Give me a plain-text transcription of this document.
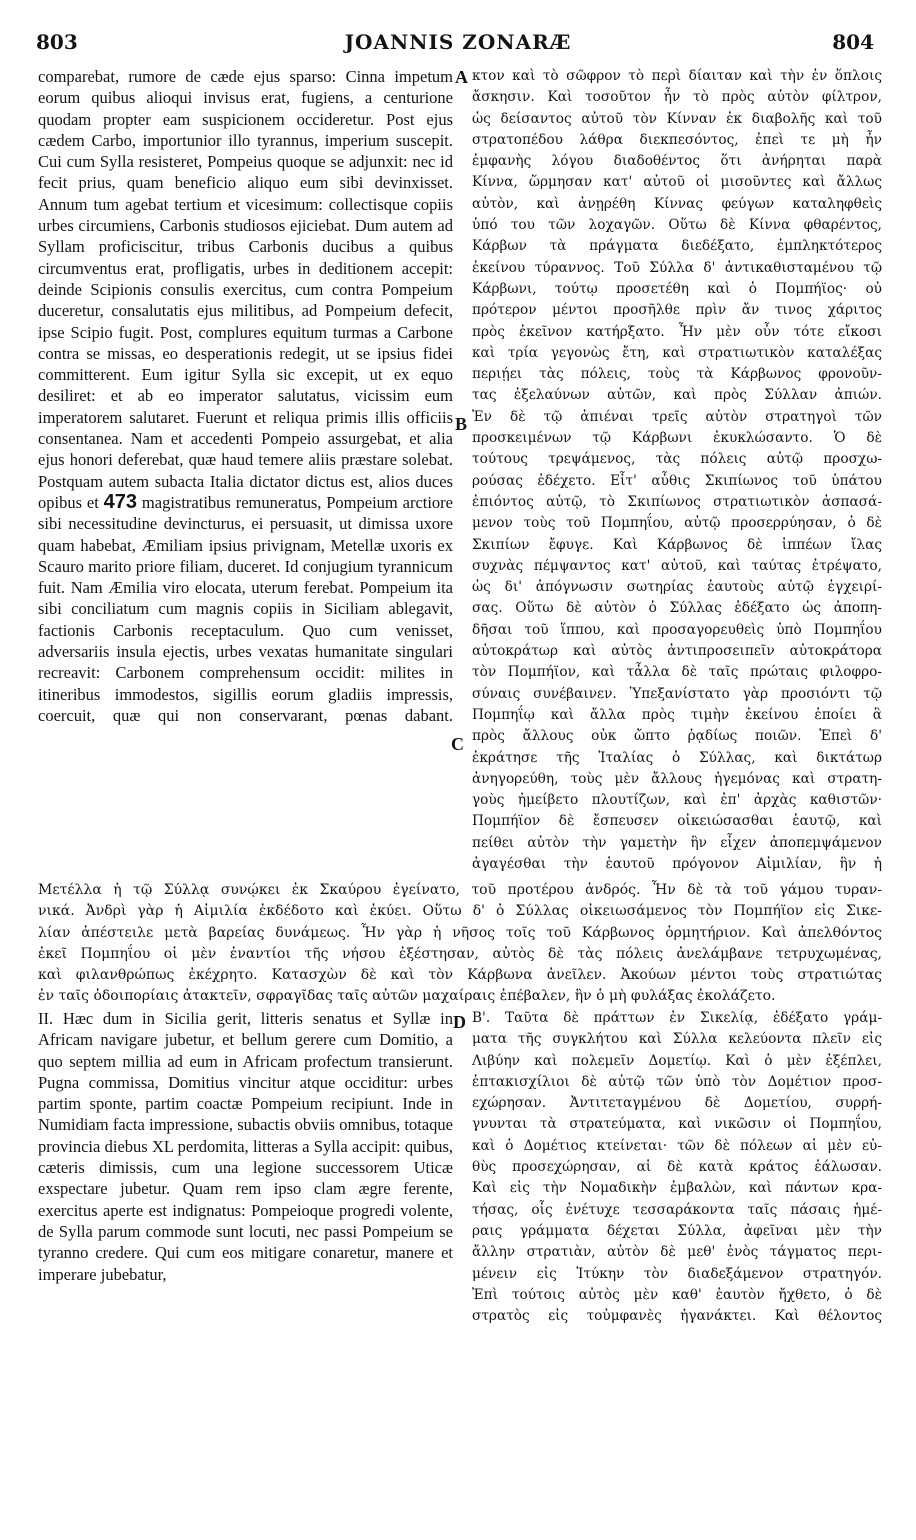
803	JOANNIS ZONARÆ	804
A
B
C
D

comparebat, rumore de cæde ejus sparso: Cinna impetum eorum quibus alioqui invisus erat, fugiens, a centurione quodam propter eam suspicionem occideretur. Post ejus cædem Carbo, importunior illo tyrannus, imperium suscepit. Cui cum Sylla resisteret, Pompeius quoque se adjunxit: nec id fecit prius, quam beneficio aliquo eum sibi devinxisset. Annum tum agebat tertium et vicesimum: collectisque copiis urbes circumiens, Carbonis studiosos ejiciebat. Dum autem ad Syllam proficiscitur, tribus Carbonis ducibus a quibus circumventus erat, profligatis, urbes in deditionem accepit: deinde Scipionis consulis exercitus, cum contra Pompeium duceretur, consalutatis ejus militibus, ad Pompeium defecit, ipse Scipio fugit. Post, complures equitum turmas a Carbone contra se missas, eo desperationis redegit, ut se ipsius fidei committerent. Eum igitur Sylla sic excepit, ut ex equo desiliret: et ab eo imperator salutatus, vicissim eum imperatorem salutaret. Fuerunt et reliqua primis illis officiis consentanea. Nam et accedenti Pompeio assurgebat, et alia ejus honori deferebat, quæ haud temere aliis præstare solebat. Postquam autem subacta Italia dictator dictus est, alios duces opibus et 473 magistratibus remuneratus, Pompeium arctiore sibi necessitudine devincturus, ei persuasit, ut dimissa uxore quam habebat, Æmiliam ipsius privignam, Metellæ uxoris ex Scauro marito priore filiam, duceret. Id conjugium tyrannicum fuit. Nam Æmilia viro elocata, uterum ferebat. Pompeium ita sibi conciliatum cum magnis copiis in Siciliam ablegavit, factionis Carbonis receptaculum. Quo cum venisset, adversariis insula ejectis, urbes vexatas humanitate singulari recreavit: Carbonem comprehensum occidit: milites in itineribus immodestos, sigillis eorum gladiis impressis, coercuit, quæ qui non conservarant, pœnas dabant.

κτον καὶ τὸ σῶφρον τὸ περὶ δίαιταν καὶ τὴν ἐν ὅπλοις
ἄσκησιν. Καὶ τοσοῦτον ἦν τὸ πρὸς αὐτὸν φίλτρον,
ὡς δείσαντος αὐτοῦ τὸν Κίνναν ἐκ διαβολῆς καὶ τοῦ
στρατοπέδου λάθρα διεκπεσόντος, ἐπεὶ τε μὴ ἦν
ἐμφανὴς λόγου διαδοθέντος ὅτι ἀνήρηται παρὰ
Κίννα, ὥρμησαν κατ' αὐτοῦ οἱ μισοῦντες καὶ ἄλλως
αὐτὸν, καὶ ἀνῃρέθη Κίννας φεύγων καταληφθεὶς
ὑπό του τῶν λοχαγῶν. Οὕτω δὲ Κίννα φθαρέντος,
Κάρβων τὰ πράγματα διεδέξατο, ἐμπληκτότερος
ἐκείνου τύραννος. Τοῦ Σύλλα δ' ἀντικαθισταμένου τῷ
Κάρβωνι, τούτῳ προσετέθη καὶ ὁ Πομπήϊος· οὐ
πρότερον μέντοι προσῆλθε πρὶν ἄν τινος χάριτος
πρὸς ἐκεῖνον κατήρξατο. Ἦν μὲν οὖν τότε εἴκοσι
καὶ τρία γεγονὼς ἔτη, καὶ στρατιωτικὸν καταλέξας
περιῄει τὰς πόλεις, τοὺς τὰ Κάρβωνος φρονοῦν-
τας ἐξελαύνων αὐτῶν, καὶ πρὸς Σύλλαν ἀπιών.
Ἐν δὲ τῷ ἀπιέναι τρεῖς αὐτὸν στρατηγοὶ τῶν
προσκειμένων τῷ Κάρβωνι ἐκυκλώσαντο. Ὁ δὲ
τούτους τρεψάμενος, τὰς πόλεις αὐτῷ προσχω-
ρούσας ἐδέχετο. Εἶτ' αὖθις Σκιπίωνος τοῦ ὑπάτου
ἐπιόντος αὐτῷ, τὸ Σκιπίωνος στρατιωτικὸν ἀσπασά-
μενον τοὺς τοῦ Πομπηΐου, αὐτῷ προσερρύησαν, ὁ δὲ
Σκιπίων ἔφυγε. Καὶ Κάρβωνος δὲ ἱππέων ἴλας
συχνὰς πέμψαντος κατ' αὐτοῦ, καὶ ταύτας ἐτρέψατο,
ὡς δι' ἀπόγνωσιν σωτηρίας ἑαυτοὺς αὐτῷ ἐγχειρί-
σας. Οὕτω δὲ αὐτὸν ὁ Σύλλας ἐδέξατο ὡς ἀποπη-
δῆσαι τοῦ ἵππου, καὶ προσαγορευθεὶς ὑπὸ Πομπηΐου
αὐτοκράτωρ καὶ αὐτὸς ἀντιπροσειπεῖν αὐτοκράτορα
τὸν Πομπήϊον, καὶ τἆλλα δὲ ταῖς πρώταις φιλοφρο-
σύναις συνέβαινεν. Ὑπεξανίστατο γὰρ προσιόντι τῷ
Πομπηΐῳ καὶ ἄλλα πρὸς τιμὴν ἐκείνου ἐποίει ἃ
πρὸς ἄλλους οὐκ ὤπτο ῥᾳδίως ποιῶν. Ἐπεὶ δ'
ἐκράτησε τῆς Ἰταλίας ὁ Σύλλας, καὶ δικτάτωρ
ἀνηγορεύθη, τοὺς μὲν ἄλλους ἡγεμόνας καὶ στρατη-
γοὺς ἠμείβετο πλουτίζων, καὶ ἐπ' ἀρχὰς καθιστῶν·
Πομπήϊον δὲ ἔσπευσεν οἰκειώσασθαι ἑαυτῷ, καὶ
πείθει αὐτὸν τὴν γαμετὴν ἣν εἶχεν ἀποπεμψάμενον
ἀγαγέσθαι τὴν ἑαυτοῦ πρόγονον Αἰμιλίαν, ἣν ἡ
Μετέλλα ἡ τῷ Σύλλᾳ συνῴκει ἐκ Σκαύρου ἐγείνατο, τοῦ προτέρου ἀνδρός. Ἦν δὲ τὰ τοῦ γάμου τυραν-
νικά. Ἀνδρὶ γὰρ ἡ Αἰμιλία ἐκδέδοτο καὶ ἐκύει. Οὕτω δ' ὁ Σύλλας οἰκειωσάμενος τὸν Πομπήϊον εἰς Σικε-
λίαν ἀπέστειλε μετὰ βαρείας δυνάμεως. Ἦν γὰρ ἡ νῆσος τοῖς τοῦ Κάρβωνος ὁρμητήριον. Καὶ ἀπελθόντος
ἐκεῖ Πομπηΐου οἱ μὲν ἐναντίοι τῆς νήσου ἐξέστησαν, αὐτὸς δὲ τὰς πόλεις ἀνελάμβανε τετρυχωμένας,
καὶ φιλανθρώπως ἐκέχρητο. Κατασχὼν δὲ καὶ τὸν Κάρβωνα ἀνεῖλεν. Ἀκούων μέντοι τοὺς στρατιώτας
ἐν ταῖς ὁδοιπορίαις ἀτακτεῖν, σφραγῖδας ταῖς αὐτῶν μαχαίραις ἐπέβαλεν, ἣν ὁ μὴ φυλάξας ἐκολάζετο.

II. Hæc dum in Sicilia gerit, litteris senatus et Syllæ in Africam navigare jubetur, et bellum gerere cum Domitio, a quo septem millia ad eum in Africam profectum transierunt. Pugna commissa, Domitius vincitur atque occiditur: urbes partim sponte, partim coactæ Pompeium recipiunt. Inde in Numidiam facta impressione, subactis obviis omnibus, totaque provincia diebus XL perdomita, litteras a Sylla accipit: quibus, cæteris dimissis, cum una legione successorem Uticæ exspectare jubetur. Quam rem ipso clam ægre ferente, exercitus aperte est indignatus: Pompeioque progredi volente, de Sylla parum commode sunt locuti, nec passi Pompeium se tyranno credere. Qui cum eos mitigare conaretur, manere et imperare jubebatur,

Β'. Ταῦτα δὲ πράττων ἐν Σικελίᾳ, ἐδέξατο γράμ-
ματα τῆς συγκλήτου καὶ Σύλλα κελεύοντα πλεῖν εἰς
Λιβύην καὶ πολεμεῖν Δομετίῳ. Καὶ ὁ μὲν ἐξέπλει,
ἑπτακισχίλιοι δὲ αὐτῷ τῶν ὑπὸ τὸν Δομέτιον προσ-
εχώρησαν. Ἀντιτεταγμένου δὲ Δομετίου, συρρή-
γνυνται τὰ στρατεύματα, καὶ νικῶσιν οἱ Πομπηΐου,
καὶ ὁ Δομέτιος κτείνεται· τῶν δὲ πόλεων αἱ μὲν εὐ-
θὺς προσεχώρησαν, αἱ δὲ κατὰ κράτος ἑάλωσαν.
Καὶ εἰς τὴν Νομαδικὴν ἐμβαλὼν, καὶ πάντων κρα-
τήσας, οἷς ἐνέτυχε τεσσαράκοντα ταῖς πάσαις ἡμέ-
ραις γράμματα δέχεται Σύλλα, ἀφεῖναι μὲν τὴν
ἄλλην στρατιὰν, αὐτὸν δὲ μεθ' ἑνὸς τάγματος περι-
μένειν εἰς Ἰτύκην τὸν διαδεξάμενον στρατηγόν.
Ἐπὶ τούτοις αὐτὸς μὲν καθ' ἑαυτὸν ἤχθετο, ὁ δὲ
στρατὸς εἰς τοὐμφανὲς ἠγανάκτει. Καὶ θέλοντος
